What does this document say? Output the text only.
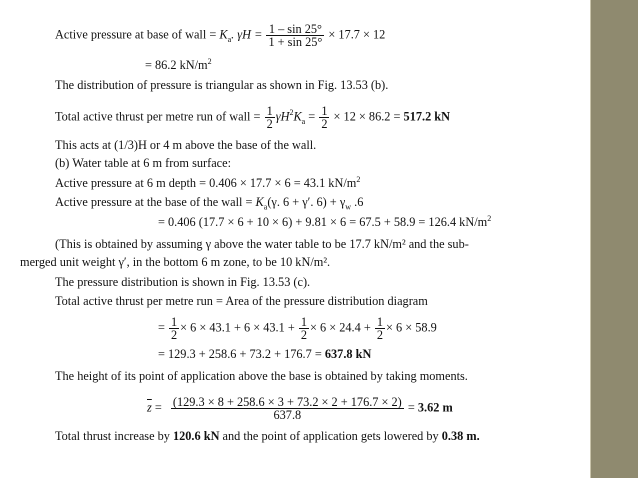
Active pressure at base of wall = $K_a$. $\gamma H = \frac{1 - \sin 25^\circ}{1 + \sin 25^\circ} \times 17.7 \times 12$
= 86.2 $kN/m^2$
The distribution of pressure is triangular as shown in Fig. 13.53 (b).
Total active thrust per metre run of wall = $\frac{1}{2} \gamma H^2K_a = \frac{1}{2} \times 12 \times 86.2 = 517.2$ kN
This acts at (1/3)H or 4 m above the base of the wall.
(b) Water table at 6 m from surface:
Active pressure at 6 m depth = 0.406 × 17.7 × 6 = 43.1 $kN/m^2$
Active pressure at the base of the wall = $K_a(\gamma$. 6 + γ′. $6) + \gamma_w$ .6
= 0.406 (17.7 × 6 + 10 × 6) + 9.81 × 6 = 67.5 + 58.9 = 126.4 $kN/m^2$
(This is obtained by assuming γ above the water table to be 17.7 kN/m² and the sub-
merged unit weight γ′, in the bottom 6 m zone, to be 10 kN/m².
The pressure distribution is shown in Fig. 13.53 (c).
Total active thrust per metre run = Area of the pressure distribution diagram
= $\frac{1}{2} \times 6 \times 43.1 + 6 \times 43.1 + \frac{1}{2} \times 6 \times 24.4 + \frac{1}{2} \times 6 \times 58.9$
= 129.3 + 258.6 + 73.2 + 176.7 = 637.8 kN
The height of its point of application above the base is obtained by taking moments.
$\overline{z} = \frac{(129.3 \times 8 + 258.6 \times 3 + 73.2 \times 2 + 176.7 \times 2)}{637.8} = 3.62$ m
Total thrust increase by 120.6 kN and the point of application gets lowered by 0.38 m.
